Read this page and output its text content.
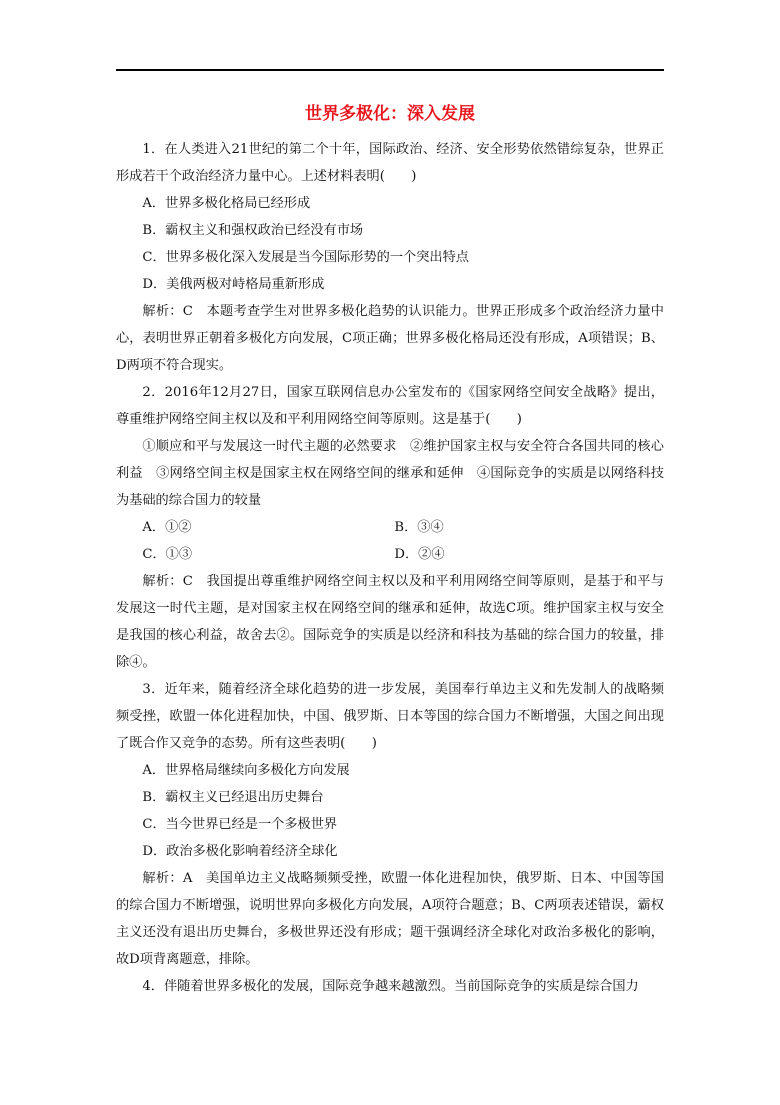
世界多极化：深入发展

1．在人类进入21世纪的第二个十年，国际政治、经济、安全形势依然错综复杂，世界正形成若干个政治经济力量中心。上述材料表明(　　)

A．世界多极化格局已经形成

B．霸权主义和强权政治已经没有市场

C．世界多极化深入发展是当今国际形势的一个突出特点

D．美俄两极对峙格局重新形成

解析：C　本题考查学生对世界多极化趋势的认识能力。世界正形成多个政治经济力量中心，表明世界正朝着多极化方向发展，C项正确；世界多极化格局还没有形成，A项错误；B、D两项不符合现实。

2．2016年12月27日，国家互联网信息办公室发布的《国家网络空间安全战略》提出，尊重维护网络空间主权以及和平利用网络空间等原则。这是基于(　　)

①顺应和平与发展这一时代主题的必然要求　②维护国家主权与安全符合各国共同的核心利益　③网络空间主权是国家主权在网络空间的继承和延伸　④国际竞争的实质是以网络科技为基础的综合国力的较量

A．①②	B．③④
C．①③	D．②④

解析：C　我国提出尊重维护网络空间主权以及和平利用网络空间等原则，是基于和平与发展这一时代主题，是对国家主权在网络空间的继承和延伸，故选C项。维护国家主权与安全是我国的核心利益，故舍去②。国际竞争的实质是以经济和科技为基础的综合国力的较量，排除④。

3．近年来，随着经济全球化趋势的进一步发展，美国奉行单边主义和先发制人的战略频频受挫，欧盟一体化进程加快，中国、俄罗斯、日本等国的综合国力不断增强，大国之间出现了既合作又竞争的态势。所有这些表明(　　)

A．世界格局继续向多极化方向发展

B．霸权主义已经退出历史舞台

C．当今世界已经是一个多极世界

D．政治多极化影响着经济全球化

解析：A　美国单边主义战略频频受挫，欧盟一体化进程加快，俄罗斯、日本、中国等国的综合国力不断增强，说明世界向多极化方向发展，A项符合题意；B、C两项表述错误，霸权主义还没有退出历史舞台，多极世界还没有形成；题干强调经济全球化对政治多极化的影响，故D项背离题意，排除。

4．伴随着世界多极化的发展，国际竞争越来越激烈。当前国际竞争的实质是综合国力
